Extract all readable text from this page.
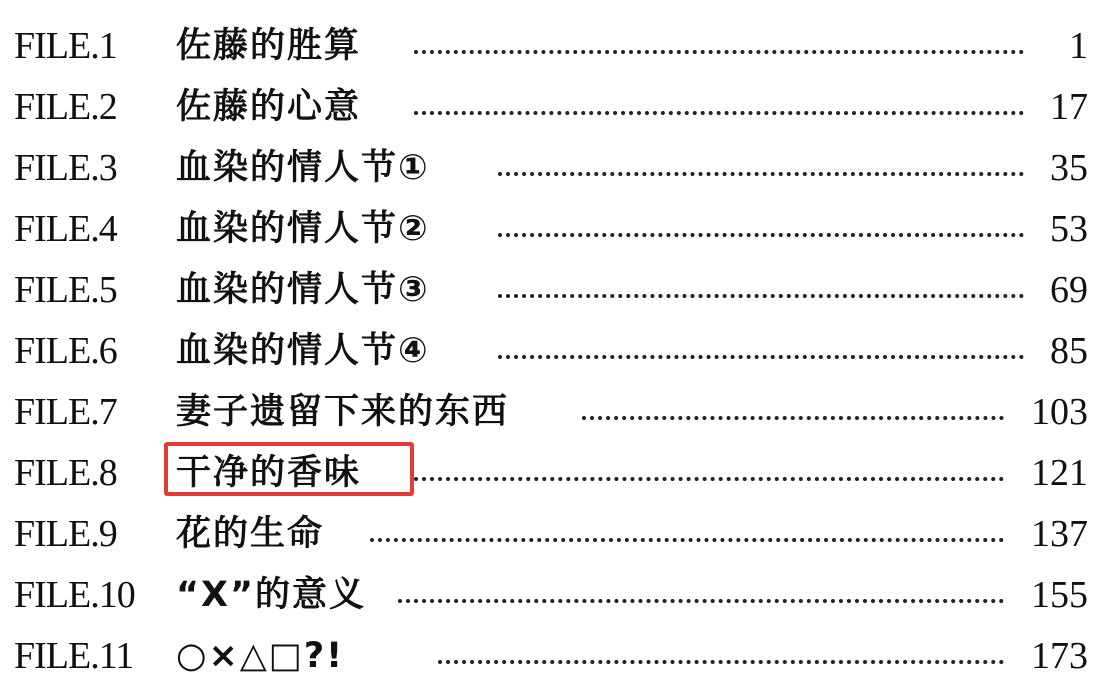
FILE.1 佐藤的胜算	1
FILE.2 佐藤的心意	17
FILE.3 血染的情人节①	35
FILE.4 血染的情人节②	53
FILE.5 血染的情人节③	69
FILE.6 血染的情人节④	85
FILE.7 妻子遗留下来的东西	103
FILE.8 干净的香味	121
FILE.9 花的生命	137
FILE.10 “X”的意义	155
FILE.11 ○×△□?!	173
